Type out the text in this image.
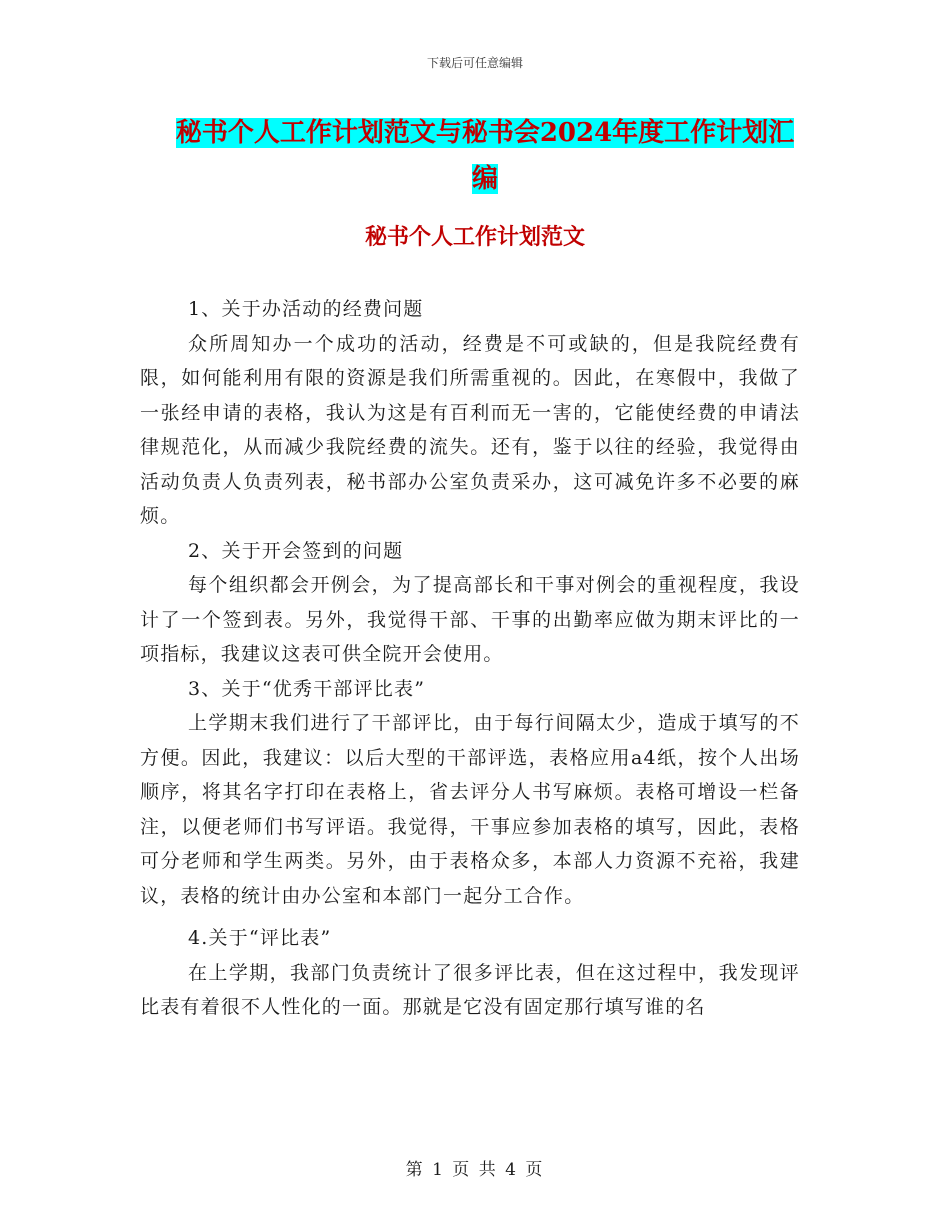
下载后可任意编辑
秘书个人工作计划范文与秘书会2024年度工作计划汇
编
秘书个人工作计划范文

1、关于办活动的经费问题

众所周知办一个成功的活动，经费是不可或缺的，但是我院经费有限，如何能利用有限的资源是我们所需重视的。因此，在寒假中，我做了一张经申请的表格，我认为这是有百利而无一害的，它能使经费的申请法律规范化，从而减少我院经费的流失。还有，鉴于以往的经验，我觉得由活动负责人负责列表，秘书部办公室负责采办，这可减免许多不必要的麻烦。

2、关于开会签到的问题

每个组织都会开例会，为了提高部长和干事对例会的重视程度，我设计了一个签到表。另外，我觉得干部、干事的出勤率应做为期末评比的一项指标，我建议这表可供全院开会使用。

3、关于“优秀干部评比表”

上学期末我们进行了干部评比，由于每行间隔太少，造成于填写的不方便。因此，我建议：以后大型的干部评选，表格应用a4纸，按个人出场顺序，将其名字打印在表格上，省去评分人书写麻烦。表格可增设一栏备注，以便老师们书写评语。我觉得，干事应参加表格的填写，因此，表格可分老师和学生两类。另外，由于表格众多，本部人力资源不充裕，我建议，表格的统计由办公室和本部门一起分工合作。

4.关于“评比表”

在上学期，我部门负责统计了很多评比表，但在这过程中，我发现评比表有着很不人性化的一面。那就是它没有固定那行填写谁的名

第 1 页 共 4 页
